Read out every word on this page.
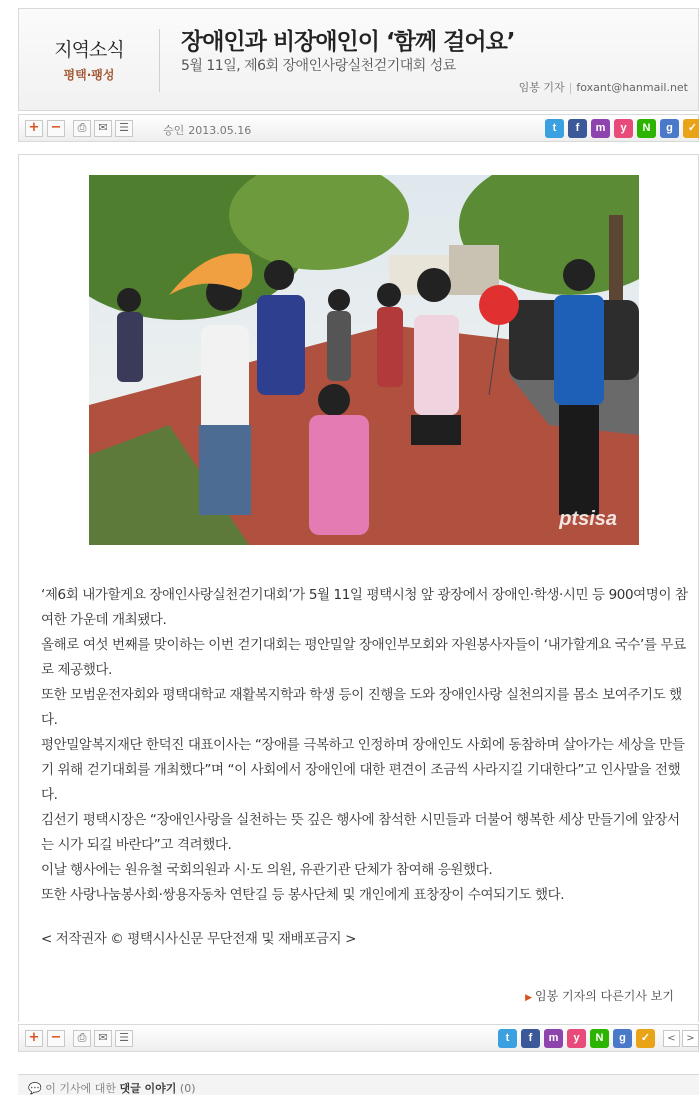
지역소식
평택·팽성
장애인과 비장애인이 ‘함께 걸어요’
5월 11일, 제6회 장애인사랑실천걷기대회 성료
임봉 기자 | foxant@hanmail.net
+ −	⎙	✉	☰	승인 2013.05.16	t	f	m	y	N	g	✓
ptsisa

‘제6회 내가할게요 장애인사랑실천걷기대회’가 5월 11일 평택시청 앞 광장에서 장애인·학생·시민 등 900여명이 참여한 가운데 개최됐다.

올해로 여섯 번째를 맞이하는 이번 걷기대회는 평안밀알 장애인부모회와 자원봉사자들이 ‘내가할게요 국수’를 무료로 제공했다.

또한 모범운전자회와 평택대학교 재활복지학과 학생 등이 진행을 도와 장애인사랑 실천의지를 몸소 보여주기도 했다.

평안밀알복지재단 한덕진 대표이사는 “장애를 극복하고 인정하며 장애인도 사회에 동참하며 살아가는 세상을 만들기 위해 걷기대회를 개최했다”며 “이 사회에서 장애인에 대한 편견이 조금씩 사라지길 기대한다”고 인사말을 전했다.

김선기 평택시장은 “장애인사랑을 실천하는 뜻 깊은 행사에 참석한 시민들과 더불어 행복한 세상 만들기에 앞장서는 시가 되길 바란다”고 격려했다.

이날 행사에는 원유철 국회의원과 시·도 의원, 유관기관 단체가 참여해 응원했다.

또한 사랑나눔봉사회·쌍용자동차 연탄길 등 봉사단체 및 개인에게 표창장이 수여되기도 했다.

< 저작권자 © 평택시사신문 무단전재 및 재배포금지 >
▶ 임봉 기자의 다른기사 보기
+ −	⎙	✉	☰	t	f	m	y	N	g	✓	<	>
💬 이 기사에 대한 댓글 이야기 (0)
